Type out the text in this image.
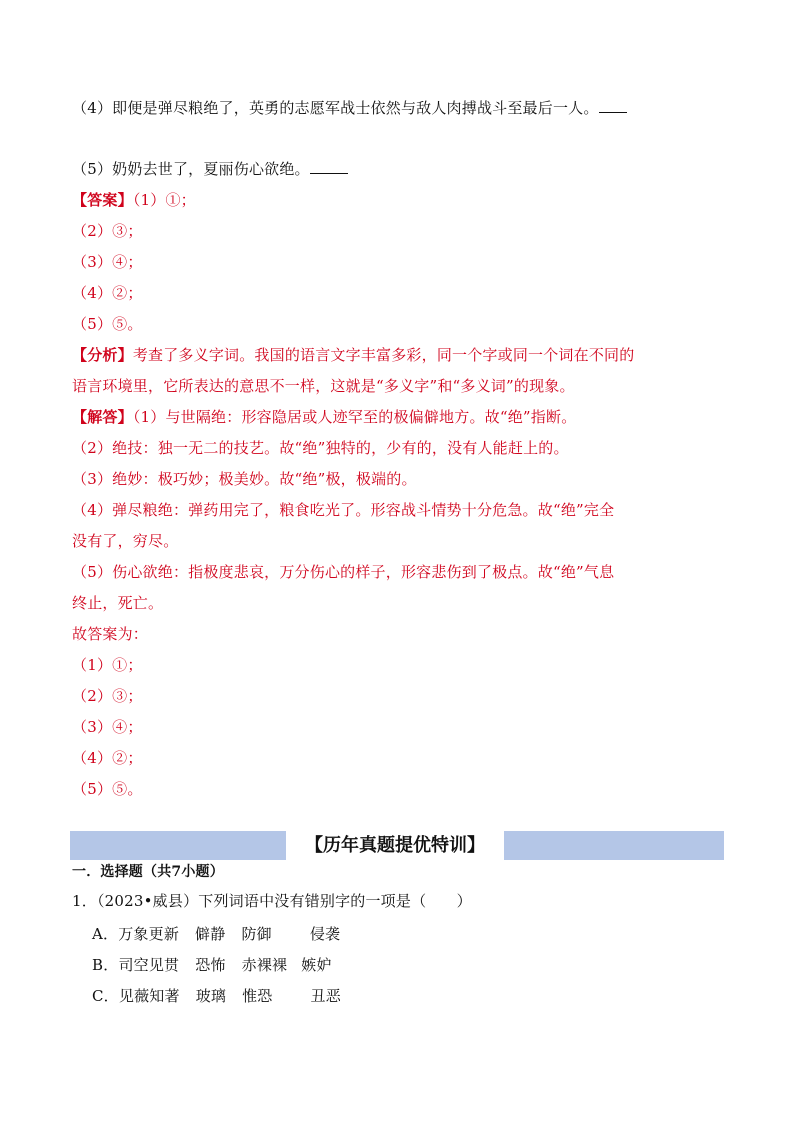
（4）即便是弹尽粮绝了，英勇的志愿军战士依然与敌人肉搏战斗至最后一人。
（5）奶奶去世了，夏丽伤心欲绝。
【答案】（1）①；
（2）③；
（3）④；
（4）②；
（5）⑤。
【分析】考查了多义字词。我国的语言文字丰富多彩，同一个字或同一个词在不同的
语言环境里，它所表达的意思不一样，这就是“多义字”和“多义词”的现象。
【解答】（1）与世隔绝：形容隐居或人迹罕至的极偏僻地方。故“绝”指断。
（2）绝技：独一无二的技艺。故“绝”独特的，少有的，没有人能赶上的。
（3）绝妙：极巧妙；极美妙。故“绝”极，极端的。
（4）弹尽粮绝：弹药用完了，粮食吃光了。形容战斗情势十分危急。故“绝”完全
没有了，穷尽。
（5）伤心欲绝：指极度悲哀，万分伤心的样子，形容悲伤到了极点。故“绝”气息
终止，死亡。
故答案为：
（1）①；
（2）③；
（3）④；
（4）②；
（5）⑤。
【历年真题提优特训】
一．选择题（共7小题）
1．（2023•威县）下列词语中没有错别字的一项是（　　）
A．万象更新 僻静 防御	侵袭
B．司空见贯 恐怖 赤裸裸 嫉妒
C．见薇知著 玻璃 惟恐	丑恶
